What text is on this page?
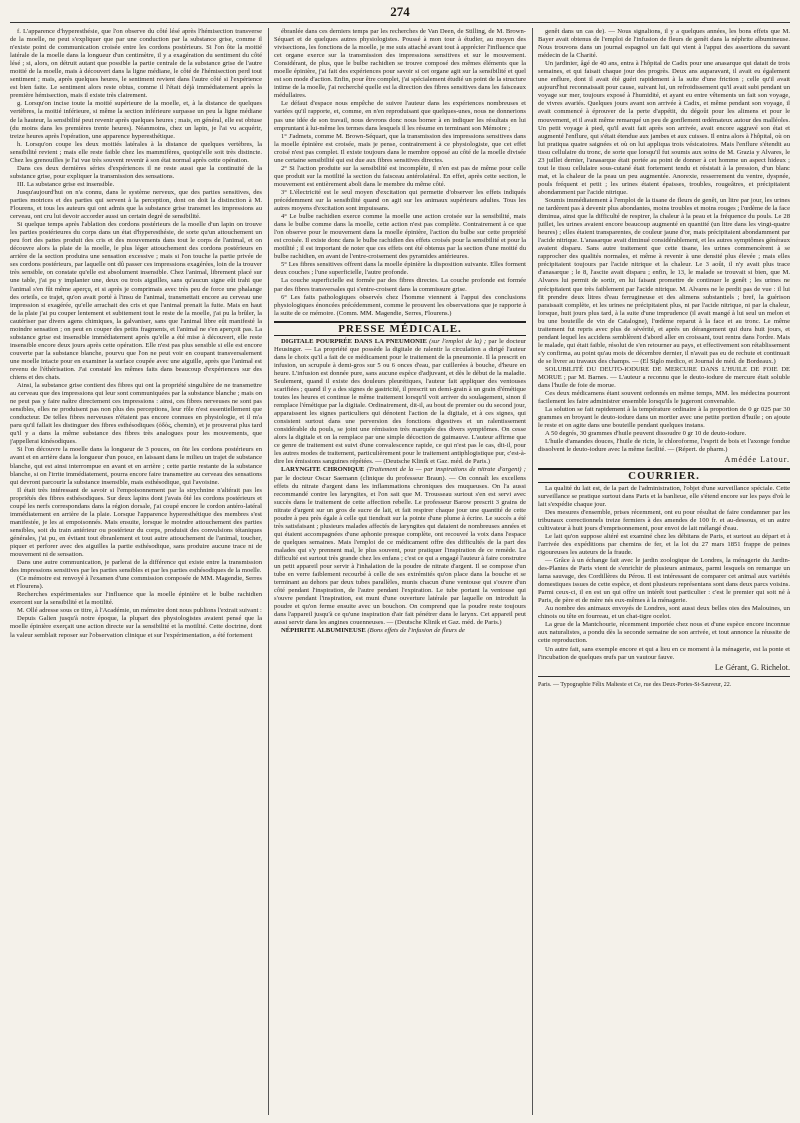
274

f. L'apparence d'hyperesthésie, que l'on observe du côté lésé après l'hémisection transverse de la moelle, ne peut s'expliquer que par une conduction par la substance grise, comme il n'existe point de communication croisée entre les cordons postérieurs. Si l'on ôte la moitié latérale de la moelle dans la longueur d'un centimètre, il y a exagération du sentiment du côté lésé ; si, alors, on détruit autant que possible la partie centrale de la substance grise de l'autre moitié de la moelle, mais à découvert dans la ligne médiane, le côté de l'hémisection perd tout sentiment ; mais, après quelques heures, le sentiment revient dans l'autre côté si l'expérience est bien faite. Le sentiment alors reste obtus, comme il l'était déjà immédiatement après la première hémisection, mais il existe très clairement.

g. Lorsqu'on incise toute la moitié supérieure de la moelle, et, à la distance de quelques vertèbres, la moitié inférieure, si même la section inférieure surpasse un peu la ligne médiane de la hauteur, la sensibilité peut revenir après quelques heures ; mais, en général, elle est obtuse (du moins dans les premières trente heures). Néanmoins, chez un lapin, je l'ai vu acquérir, treize heures après l'opération, une apparence hyperesthétique.

h. Lorsqu'on coupe les deux moitiés latérales à la distance de quelques vertèbres, la sensibilité revient ; mais elle reste faible chez les mammifères, quoiqu'elle soit très distincte. Chez les grenouilles je l'ai vue très souvent revenir à son état normal après cette opération.

Dans ces deux dernières séries d'expériences il ne reste aussi que la continuité de la substance grise, pour expliquer la transmission des sensations.

III. La substance grise est insensible.

Jusqu'aujourd'hui on n'a connu, dans le système nerveux, que des parties sensitives, des parties motrices et des parties qui servent à la perception, dont on doit la distinction à M. Flourens, et tous les auteurs qui ont admis que la substance grise transmet les impressions au cerveau, ont cru lui devoir accorder aussi un certain degré de sensibilité.

Si quelque temps après l'ablation des cordons postérieurs de la moelle d'un lapin on trouve les parties postérieures du corps dans un état d'hyperesthésie, de sorte qu'un attouchement un peu fort des pattes produit des cris et des mouvements dans tout le corps de l'animal, et on découvre alors la plaie de la moelle, le plus léger attouchement des cordons postérieurs en arrière de la section produira une sensation excessive ; mais si l'on touche la partie privée de ses cordons postérieurs, par laquelle ont dû passer ces impressions exagérées, loin de la trouver très sensible, on constate qu'elle est absolument insensible. Chez l'animal, librement placé sur une table, j'ai pu y implanter une, deux ou trois aiguilles, sans qu'aucun signe eût trahi que l'animal s'en fût même aperçu, et si après je comprimais avec très peu de force une phalange des orteils, ce trajet, qu'on avait porté à l'insu de l'animal, transmettait encore au cerveau une impression si exagérée, qu'elle arrachait des cris et que l'animal prenait la fuite. Mais en haut de la plaie j'ai pu couper lentement et subitement tout le reste de la moelle, j'ai pu la brûler, la cautériser par divers agens chimiques, la galvaniser, sans que l'animal libre eût manifesté la moindre sensation ; on peut en couper des petits fragments, et l'animal ne s'en aperçoit pas. La substance grise est insensible immédiatement après qu'elle a été mise à découvert, elle reste insensible encore deux jours après cette opération. Elle n'est pas plus sensible si elle est encore couverte par la substance blanche, pourvu que l'on ne peut voir en coupant transversalement une moelle intacte pour en examiner la surface coupée avec une aiguille, après que l'animal est revenu de l'éthérisation. J'ai constaté les mêmes faits dans beaucoup d'expériences sur des chiens et des chats.

Ainsi, la substance grise contient des fibres qui ont la propriété singulière de ne transmettre au cerveau que des impressions qui leur sont communiquées par la substance blanche ; mais on ne peut pas y faire naître directement ces impressions : ainsi, ces fibres nerveuses ne sont pas sensibles, elles ne produisent pas non plus des perceptions, leur rôle n'est essentiellement que conducteur. De telles fibres nerveuses n'étaient pas encore connues en physiologie, et il m'a paru qu'il fallait les distinguer des fibres esthésodiques (ὁδὸς, chemin), et je prouverai plus tard qu'il y a dans la même substance des fibres très analogues pour les mouvements, que j'appellerai kinésodiques.

Si l'on découvre la moelle dans la longueur de 3 pouces, on ôte les cordons postérieurs en avant et en arrière dans la longueur d'un pouce, en laissant dans le milieu un trajet de substance blanche, qui est ainsi interrompue en avant et en arrière ; cette partie restante de la substance blanche, si on l'irrite immédiatement, pourra encore faire transmettre au cerveau des sensations qui devront parcourir la substance insensible, mais esthésodique, qui l'avoisine.

Il était très intéressant de savoir si l'empoisonnement par la strychnine n'altérait pas les propriétés des fibres esthésodiques. Sur deux lapins dont j'avais ôté les cordons postérieurs et coupé les nerfs correspondans dans la région dorsale, j'ai coupé encore le cordon antéro-latéral immédiatement en arrière de la plaie. Lorsque l'apparence hyperesthétique des membres s'est manifestée, je les ai empoisonnés. Mais ensuite, lorsque le moindre attouchement des parties sensibles, soit du train antérieur ou postérieur du corps, produisit des convulsions tétaniques générales, j'ai pu, en évitant tout ébranlement et tout autre attouchement de l'animal, toucher, piquer et perforer avec des aiguilles la partie esthésodique, sans produire aucune trace ni de mouvement ni de sensation.

Dans une autre communication, je parlerai de la différence qui existe entre la transmission des impressions sensitives par les parties sensibles et par les parties esthésodiques de la moelle.

(Ce mémoire est renvoyé à l'examen d'une commission composée de MM. Magendie, Serres et Flourens).

Recherches expérimentales sur l'influence que la moelle épinière et le bulbe rachidien exercent sur la sensibilité et la motilité.

M. Ollé adresse sous ce titre, à l'Académie, un mémoire dont nous publions l'extrait suivant :

Depuis Galien jusqu'à notre époque, la plupart des physiologistes avaient pensé que la moelle épinière exerçait une action directe sur la sensibilité et la motilité. Cette doctrine, dont la valeur semblait reposer sur l'observation clinique et sur l'expérimentation, a été fortement

ébranlée dans ces derniers temps par les recherches de Van Deen, de Stilling, de M. Brown-Séquart et de quelques autres physiologistes. Poussé à mon tour à étudier, au moyen des vivisections, les fonctions de la moelle, je me suis attaché avant tout à apprécier l'influence que cet organe exerce sur la transmission des impressions sensitives et sur le mouvement. Considérant, de plus, que le bulbe rachidien se trouve composé des mêmes éléments que la moelle épinière, j'ai fait des expériences pour savoir si cet organe agit sur la sensibilité et quel est son mode d'action. Enfin, pour être complet, j'ai spécialement étudié un point de la structure intime de la moelle, j'ai recherché quelle est la direction des fibres sensitives dans les faisceaux médullaires.

Le défaut d'espace nous empêche de suivre l'auteur dans les expériences nombreuses et variées qu'il rapporte, et, comme, en n'en reproduisant que quelques-unes, nous ne donnerions pas une idée de son travail, nous devrons donc nous borner à en indiquer les résultats en lui empruntant à lui-même les termes dans lesquels il les résume en terminant son Mémoire ;

1° J'admets, comme M. Brown-Séquart, que la transmission des impressions sensitives dans la moelle épinière est croisée, mais je pense, contrairement à ce physiologiste, que cet effet croisé n'est pas complet. Il existe toujours dans le membre opposé au côté de la moelle divisée une certaine sensibilité qui est due aux fibres sensitives directes.

2° Si l'action produite sur la sensibilité est incomplète, il n'en est pas de même pour celle que produit sur la motilité la section du faisceau antérolatéral. En effet, après cette section, le mouvement est entièrement aboli dans le membre du même côté.

3° L'électricité est le seul moyen d'excitation qui permette d'observer les effets indiqués précédemment sur la sensibilité quand on agit sur les animaux supérieurs adultes. Tous les autres moyens d'excitation sont impuissans.

4° Le bulbe rachidien exerce comme la moelle une action croisée sur la sensibilité, mais dans le bulbe comme dans la moelle, cette action n'est pas complète. Contrairement à ce que l'on observe pour le mouvement dans la moelle épinière, l'action du bulbe sur cette propriété est croisée. Il existe donc dans le bulbe rachidien des effets croisés pour la sensibilité et pour la motilité ; il est important de noter que ces effets ont été obtenus par la section d'une moitié du bulbe rachidien, en avant de l'entre-croisement des pyramides antérieures.

5° Les fibres sensitives offrent dans la moelle épinière la disposition suivante. Elles forment deux couches ; l'une superficielle, l'autre profonde.

La couche superficielle est formée par des fibres directes. La couche profonde est formée par des fibres transversales qui s'entre-croisent dans la commissure grise.

6° Les faits pathologiques observés chez l'homme viennent à l'appui des conclusions physiologiques énoncées précédemment, comme le prouvent les observations que je rapporte à la suite de ce mémoire. (Comm. MM. Magendie, Serres, Flourens.)

PRESSE MÉDICALE.

DIGITALE POURPRÉE DANS LA PNEUMONIE (sur l'emploi de la) ; par le docteur Heusinger. — La propriété que possède la digitale de ralentir la circulation a dirigé l'auteur dans le choix qu'il a fait de ce médicament pour le traitement de la pneumonie. Il la prescrit en infusion, un scrupule à demi-gros sur 5 ou 6 onces d'eau, par cuillerées à bouche, d'heure en heure. L'infusion est donnée pure, sans aucune espèce d'adjuvant, et dès le début de la maladie. Seulement, quand il existe des douleurs pleurétiques, l'auteur fait appliquer des ventouses scarifiées ; quand il y a des signes de gastricité, il prescrit un demi-grain à un grain d'émétique toutes les heures et continue le même traitement lorsqu'il voit arriver du soulagement, sinon il remplace l'émétique par la digitale. Ordinairement, dit-il, au bout de premier ou du second jour, apparaissent les signes particuliers qui dénotent l'action de la digitale, et à ces signes, qui consistent surtout dans une perversion des fonctions digestives et un ralentissement considérable du pouls, se joint une rémission très marquée des divers symptômes. On cesse alors la digitale et on la remplace par une simple décoction de guimauve. L'auteur affirme que ce genre de traitement est suivi d'une convalescence rapide, ce qui n'est pas le cas, dit-il, pour les autres modes de traitement, particulièrement pour le traitement antiphlogistique pur, c'est-à-dire les émissions sanguines répétées. — (Deutsche Klinik et Gaz. méd. de Paris.)

LARYNGITE CHRONIQUE (Traitement de la — par inspirations de nitrate d'argent) ; par le docteur Oscar Saemann (clinique du professeur Braun). — On connaît les excellens effets du nitrate d'argent dans les inflammations chroniques des muqueuses. On l'a aussi recommandé contre les laryngites, et l'on sait que M. Trousseau surtout s'en est servi avec succès dans le traitement de cette affection rebelle. Le professeur Barow prescrit 3 grains de nitrate d'argent sur un gros de sucre de lait, et fait respirer chaque jour une quantité de cette poudre à peu près égale à celle qui tiendrait sur la pointe d'une plume à écrire. Le succès a été très satisfaisant ; plusieurs malades affectés de laryngites qui dataient de nombreuses années et qui étaient accompagnées d'une aphonie presque complète, ont recouvré la voix dans l'espace de quelques semaines. Mais l'emploi de ce médicament offre des difficultés de la part des malades qui s'y prennent mal, le plus souvent, pour pratiquer l'inspiration de ce remède. La difficulté est surtout très grande chez les enfans ; c'est ce qui a engagé l'auteur à faire construire un petit appareil pour servir à l'inhalation de la poudre de nitrate d'argent. Il se compose d'un tube en verre faiblement recourbé à celle de ses extrémités qu'on place dans la bouche et se terminant au dehors par deux tubes parallèles, munis chacun d'une ventouse qui s'ouvre d'un côté pendant l'inspiration, de l'autre pendant l'expiration. Le tube portant la ventouse qui s'ouvre pendant l'inspiration, est muni d'une ouverture latérale par laquelle on introduit la poudre et qu'on ferme ensuite avec un bouchon. On comprend que la poudre reste toujours dans l'appareil jusqu'à ce qu'une inspiration d'air fait pénétrer dans le larynx. Cet appareil peut aussi servir dans les angines couenneuses. — (Deutsche Klinik et Gaz. méd. de Paris.)

NÉPHRITE ALBUMINEUSE (Bons effets de l'infusion de fleurs de

genêt dans un cas de). — Nous signalions, il y a quelques années, les bons effets que M. Bayer avait obtenus de l'emploi de l'infusion de fleurs de genêt dans la néphrite albumineuse. Nous trouvons dans un journal espagnol un fait qui vient à l'appui des assertions du savant médecin de la Charité.

Un jardinier, âgé de 40 ans, entra à l'hôpital de Cadix pour une anasarque qui datait de trois semaines, et qui faisait chaque jour des progrès. Deux ans auparavant, il avait eu également une enflure, dont il avait été guéri rapidement à la suite d'une friction ; celle qu'il avait aujourd'hui reconnaissait pour cause, suivant lui, un refroidissement qu'il avait subi pendant un voyage sur mer, toujours exposé à l'humidité, et ayant eu entre vêtements un fait son voyage, de vivres avariés. Quelques jours avant son arrivée à Cadix, et même pendant son voyage, il avait commencé à éprouver de la perte d'appétit, du dégoût pour les alimens et pour le mouvement, et il avait même remarqué un peu de gonflement œdémateux autour des malléoles. Un petit voyage à pied, qu'il avait fait après son arrivée, avait encore aggravé son état et augmenté l'enflure, qui s'était étendue aux jambes et aux cuisses. Il entra alors à l'hôpital, où on lui pratiqua quatre saignées et où on lui appliqua trois vésicatoires. Mais l'enflure s'étendit au tissu cellulaire du tronc, de sorte que lorsqu'il fut soumis aux soins de M. Grazia y Alvares, le 23 juillet dernier, l'anasarque était portée au point de donner à cet homme un aspect hideux ; tout le tissu cellulaire sous-cutané était fortement tendu et résistait à la pression, d'un blanc mat, et la chaleur de la peau un peu augmentée. Anorexie, resserrement du ventre, dyspnée, pouls fréquent et petit ; les urines étaient épaisses, troubles, rougeâtres, et précipitaient abondamment par l'acide nitrique.

Soumis immédiatement à l'emploi de la tisane de fleurs de genêt, un litre par jour, les urines ne tardèrent pas à devenir plus abondantes, moins troubles et moins rouges ; l'œdème de la face diminua, ainsi que la difficulté de respirer, la chaleur à la peau et la fréquence du pouls. Le 28 juillet, les urines avaient encore beaucoup augmenté en quantité (un litre dans les vingt-quatre heures) ; elles étaient transparentes, de couleur jaune d'or, mais précipitaient abondamment par l'acide nitrique. L'anasarque avait diminué considérablement, et les autres symptômes généraux avaient disparu. Sans autre traitement que cette tisane, les urines commencèrent à se rapprocher des qualités normales, et même à revenir à une densité plus élevée ; mais elles précipitaient toujours par l'acide nitrique et la chaleur. Le 3 août, il n'y avait plus trace d'anasarque ; le 8, l'ascite avait disparu ; enfin, le 13, le malade se trouvait si bien, que M. Alvares lui permit de sortir, en lui faisant promettre de continuer le genêt ; les urines ne précipitaient que très faiblement par l'acide nitrique. M. Alvares ne le perdit pas de vue : il lui fit prendre deux litres d'eau ferrugineuse et des alimens substantiels ; bref, la guérison paraissait complète, et les urines ne précipitaient plus, ni par l'acide nitrique, ni par la chaleur, lorsque, huit jours plus tard, à la suite d'une imprudence (il avait mangé à lui seul un melon et bu une bouteille de vin de Catalogne), l'œdème reparut à la face et au tronc. Le même traitement fut repris avec plus de sévérité, et après un dérangement qui dura huit jours, et pendant lequel les accidens semblèrent d'abord aller en croissant, tout rentra dans l'ordre. Mais le malade, qui était faible, résolut de s'en retourner au pays, et effectivement son rétablissement s'y confirma, au point qu'au mois de décembre dernier, il n'avait pas eu de rechute et continuait de se livrer au travaux des champs. — (El Siglo medico, et Journal de méd. de Bordeaux.)

SOLUBILITÉ DU DEUTO-IODURE DE MERCURE DANS L'HUILE DE FOIE DE MORUE ; par M. Barnes. — L'auteur a reconnu que le deuto-iodure de mercure était soluble dans l'huile de foie de morue.

Ces deux médicamens étant souvent ordonnés en même temps, MM. les médecins pourront facilement les faire administrer ensemble lorsqu'ils le jugeront convenable.

La solution se fait rapidement à la température ordinaire à la proportion de 0 gr 025 par 30 grammes en broyant le deuto-iodure dans un mortier avec une petite portion d'huile ; on ajoute le reste et on agite dans une bouteille pendant quelques instans.

A 50 degrés, 30 grammes d'huile peuvent dissoudre 0 gr 10 de deuto-iodure.

L'huile d'amandes douces, l'huile de ricin, le chloroforme, l'esprit de bois et l'axonge fondue dissolvent le deuto-iodure avec la même facilité. — (Répert. de pharm.)

Amédée Latour.
COURRIER.

La qualité du lait est, de la part de l'administration, l'objet d'une surveillance spéciale. Cette surveillance se pratique surtout dans Paris et la banlieue, elle s'étend encore sur les pays d'où le lait s'expédie chaque jour.

Des mesures d'ensemble, prises récemment, ont eu pour résultat de faire condamner par les tribunaux correctionnels treize fermiers à des amendes de 100 fr. et au-dessous, et un autre cultivateur à huit jours d'emprisonnement, pour envoi de lait mélangé d'eau.

Le lait qu'on suppose altéré est examiné chez les débitans de Paris, et surtout au départ et à l'arrivée des expéditions par chemins de fer, et la loi du 27 mars 1851 frappe de peines rigoureuses les auteurs de la fraude.

— Grâce à un échange fait avec le jardin zoologique de Londres, la ménagerie du Jardin-des-Plantes de Paris vient de s'enrichir de plusieurs animaux, parmi lesquels on remarque un lama sauvage, des Cordillères du Pérou. Il est intéressant de comparer cet animal aux variétés domestiques issues de cette espèce, et dont plusieurs représentans sont dans deux parcs voisins. Parmi ceux-ci, il en est un qui offre un intérêt tout particulier : c'est le premier qui soit né à Paris, de père et de mère nés eux-mêmes à la ménagerie.

Au nombre des animaux envoyés de Londres, sont aussi deux belles oies des Malouines, un chinois ou tête en fourreau, et un chat-tigre ocelot.

La grue de la Mantchourie, récemment importée chez nous et d'une espèce encore inconnue aux naturalistes, a pondu dès la seconde semaine de son arrivée, et tout annonce la réussite de cette reproduction.

Un autre fait, sans exemple encore et qui a lieu en ce moment à la ménagerie, est la ponte et l'incubation de quelques œufs par un vautour fauve.

Le Gérant, G. Richelot.
Paris. — Typographie Félix Malteste et Ce, rue des Deux-Portes-St-Sauveur, 22.
